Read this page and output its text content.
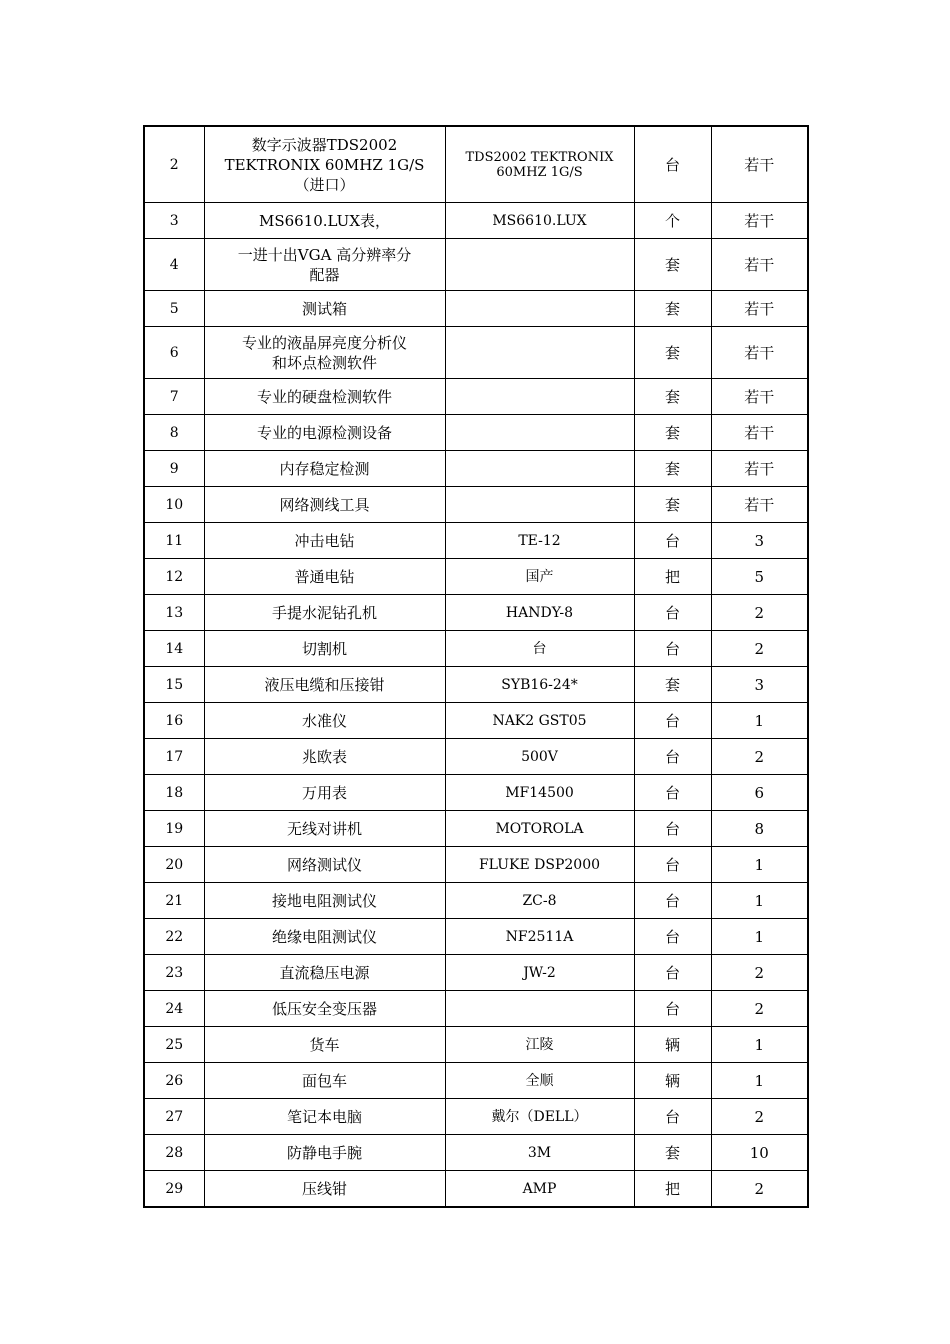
2	数字示波器TDS2002
TEKTRONIX 60MHZ 1G/S
（进口）	TDS2002 TEKTRONIX
60MHZ 1G/S	台	若干
3	MS6610.LUX表，	MS6610.LUX	个	若干
4	一进十出VGA 高分辨率分
配器		套	若干
5	测试箱		套	若干
6	专业的液晶屏亮度分析仪
和坏点检测软件		套	若干
7	专业的硬盘检测软件		套	若干
8	专业的电源检测设备		套	若干
9	内存稳定检测		套	若干
10	网络测线工具		套	若干
11	冲击电钻	TE-12	台	3
12	普通电钻	国产	把	5
13	手提水泥钻孔机	HANDY-8	台	2
14	切割机	台	台	2
15	液压电缆和压接钳	SYB16-24*	套	3
16	水准仪	NAK2 GST05	台	1
17	兆欧表	500V	台	2
18	万用表	MF14500	台	6
19	无线对讲机	MOTOROLA	台	8
20	网络测试仪	FLUKE DSP2000	台	1
21	接地电阻测试仪	ZC-8	台	1
22	绝缘电阻测试仪	NF2511A	台	1
23	直流稳压电源	JW-2	台	2
24	低压安全变压器		台	2
25	货车	江陵	辆	1
26	面包车	全顺	辆	1
27	笔记本电脑	戴尔（DELL）	台	2
28	防静电手腕	3M	套	10
29	压线钳	AMP	把	2
